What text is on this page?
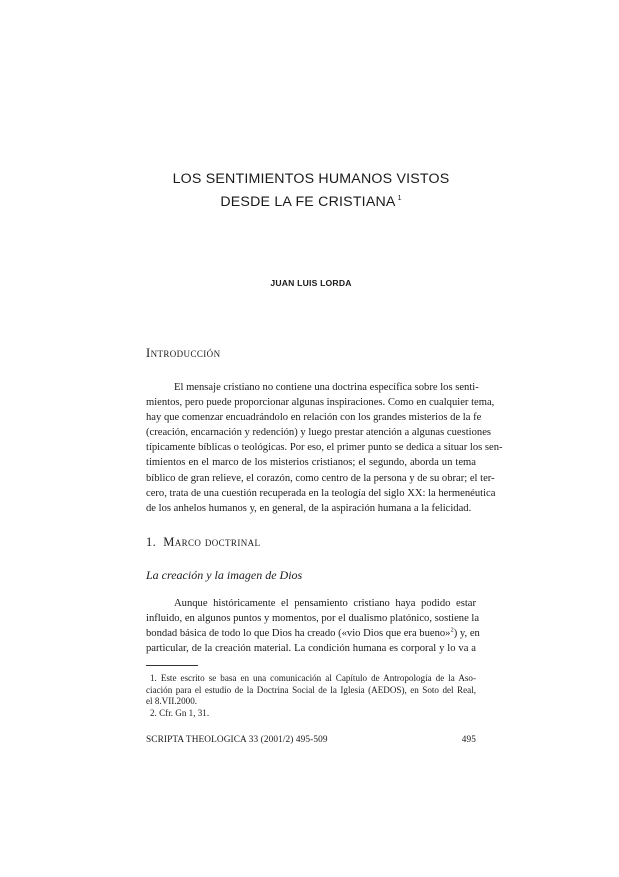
LOS SENTIMIENTOS HUMANOS VISTOS
DESDE LA FE CRISTIANA $^1$
JUAN LUIS LORDA
Introducción
El mensaje cristiano no contiene una doctrina específica sobre los senti-
mientos, pero puede proporcionar algunas inspiraciones. Como en cualquier tema,
hay que comenzar encuadrándolo en relación con los grandes misterios de la fe
(creación, encarnación y redención) y luego prestar atención a algunas cuestiones
típicamente bíblicas o teológicas. Por eso, el primer punto se dedica a situar los sen-
timientos en el marco de los misterios cristianos; el segundo, aborda un tema
bíblico de gran relieve, el corazón, como centro de la persona y de su obrar; el ter-
cero, trata de una cuestión recuperada en la teología del siglo XX: la hermenéutica
de los anhelos humanos y, en general, de la aspiración humana a la felicidad.
1. Marco doctrinal
La creación y la imagen de Dios
Aunque históricamente el pensamiento cristiano haya podido estar
influido, en algunos puntos y momentos, por el dualismo platónico, sostiene la
bondad básica de todo lo que Dios ha creado («vio Dios que era bueno»$^2$) y, en
particular, de la creación material. La condición humana es corporal y lo va a
1. Este escrito se basa en una comunicación al Capítulo de Antropología de la Aso-
ciación para el estudio de la Doctrina Social de la Iglesia (AEDOS), en Soto del Real,
el 8.VII.2000.
2. Cfr. Gn 1, 31.
SCRIPTA THEOLOGICA 33 (2001/2) 495-509	495
